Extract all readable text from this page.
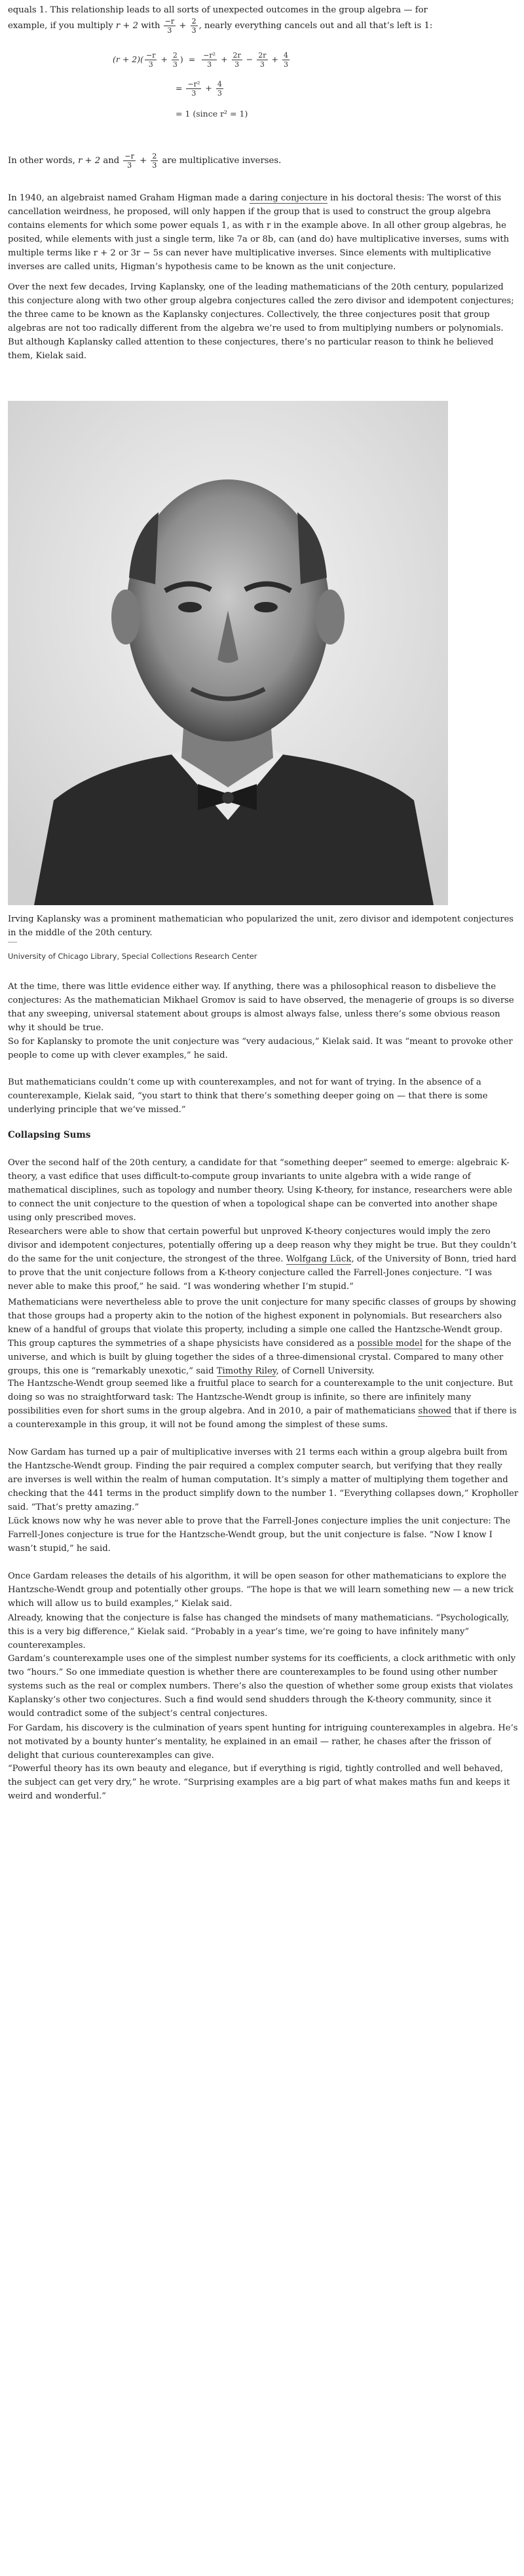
equals 1. This relationship leads to all sorts of unexpected outcomes in the group algebra — for

example, if you multiply r + 2 with $\frac{-r}{3} + \frac{2}{3}$ , nearly everything cancels out and all that’s left is 1:

$(r + 2)( \frac{-r}{3} + \frac{2}{3}$ ) = $\frac{\text{−r²}}{3} + \frac{2r}{3} - \frac{2r}{3} + \frac{4}{3}$
= $\frac{\text{−r²}}{3} + \frac{4}{3}$
= 1 (since r² = 1)

In other words, r + 2 and $\frac{-r}{3} + \frac{2}{3}$ are multiplicative inverses.

In 1940, an algebraist named Graham Higman made a daring conjecture in his doctoral thesis: The worst of this cancellation weirdness, he proposed, will only happen if the group that is used to construct the group algebra contains elements for which some power equals 1, as with r in the example above. In all other group algebras, he posited, while elements with just a single term, like 7a or 8b, can (and do) have multiplicative inverses, sums with multiple terms like r + 2 or 3r − 5s can never have multiplicative inverses. Since elements with multiplicative inverses are called units, Higman’s hypothesis came to be known as the unit conjecture.

Over the next few decades, Irving Kaplansky, one of the leading mathematicians of the 20th century, popularized this conjecture along with two other group algebra conjectures called the zero divisor and idempotent conjectures; the three came to be known as the Kaplansky conjectures. Collectively, the three conjectures posit that group algebras are not too radically different from the algebra we’re used to from multiplying numbers or polynomials. But although Kaplansky called attention to these conjectures, there’s no particular reason to think he believed them, Kielak said.

Irving Kaplansky was a prominent mathematician who popularized the unit, zero divisor and idempotent conjectures in the middle of the 20th century.

University of Chicago Library, Special Collections Research Center

At the time, there was little evidence either way. If anything, there was a philosophical reason to disbelieve the conjectures: As the mathematician Mikhael Gromov is said to have observed, the menagerie of groups is so diverse that any sweeping, universal statement about groups is almost always false, unless there’s some obvious reason why it should be true.

So for Kaplansky to promote the unit conjecture was “very audacious,” Kielak said. It was “meant to provoke other people to come up with clever examples,” he said.

But mathematicians couldn’t come up with counterexamples, and not for want of trying. In the absence of a counterexample, Kielak said, “you start to think that there’s something deeper going on — that there is some underlying principle that we’ve missed.”

Collapsing Sums

Over the second half of the 20th century, a candidate for that “something deeper” seemed to emerge: algebraic K-theory, a vast edifice that uses difficult-to-compute group invariants to unite algebra with a wide range of mathematical disciplines, such as topology and number theory. Using K-theory, for instance, researchers were able to connect the unit conjecture to the question of when a topological shape can be converted into another shape using only prescribed moves.

Researchers were able to show that certain powerful but unproved K-theory conjectures would imply the zero divisor and idempotent conjectures, potentially offering up a deep reason why they might be true. But they couldn’t do the same for the unit conjecture, the strongest of the three. Wolfgang Lück, of the University of Bonn, tried hard to prove that the unit conjecture follows from a K-theory conjecture called the Farrell-Jones conjecture. “I was never able to make this proof,” he said. “I was wondering whether I’m stupid.”

Mathematicians were nevertheless able to prove the unit conjecture for many specific classes of groups by showing that those groups had a property akin to the notion of the highest exponent in polynomials. But researchers also knew of a handful of groups that violate this property, including a simple one called the Hantzsche-Wendt group. This group captures the symmetries of a shape physicists have considered as a possible model for the shape of the universe, and which is built by gluing together the sides of a three-dimensional crystal. Compared to many other groups, this one is “remarkably unexotic,” said Timothy Riley, of Cornell University.

The Hantzsche-Wendt group seemed like a fruitful place to search for a counterexample to the unit conjecture. But doing so was no straightforward task: The Hantzsche-Wendt group is infinite, so there are infinitely many possibilities even for short sums in the group algebra. And in 2010, a pair of mathematicians showed that if there is a counterexample in this group, it will not be found among the simplest of these sums.

Now Gardam has turned up a pair of multiplicative inverses with 21 terms each within a group algebra built from the Hantzsche-Wendt group. Finding the pair required a complex computer search, but verifying that they really are inverses is well within the realm of human computation. It’s simply a matter of multiplying them together and checking that the 441 terms in the product simplify down to the number 1. “Everything collapses down,” Kropholler said. “That’s pretty amazing.”

Lück knows now why he was never able to prove that the Farrell-Jones conjecture implies the unit conjecture: The Farrell-Jones conjecture is true for the Hantzsche-Wendt group, but the unit conjecture is false. “Now I know I wasn’t stupid,” he said.

Once Gardam releases the details of his algorithm, it will be open season for other mathematicians to explore the Hantzsche-Wendt group and potentially other groups. “The hope is that we will learn something new — a new trick which will allow us to build examples,” Kielak said.

Already, knowing that the conjecture is false has changed the mindsets of many mathematicians. “Psychologically, this is a very big difference,” Kielak said. “Probably in a year’s time, we’re going to have infinitely many” counterexamples.

Gardam’s counterexample uses one of the simplest number systems for its coefficients, a clock arithmetic with only two “hours.” So one immediate question is whether there are counterexamples to be found using other number systems such as the real or complex numbers. There’s also the question of whether some group exists that violates Kaplansky’s other two conjectures. Such a find would send shudders through the K-theory community, since it would contradict some of the subject’s central conjectures.

For Gardam, his discovery is the culmination of years spent hunting for intriguing counterexamples in algebra. He’s not motivated by a bounty hunter’s mentality, he explained in an email — rather, he chases after the frisson of delight that curious counterexamples can give.

“Powerful theory has its own beauty and elegance, but if everything is rigid, tightly controlled and well behaved, the subject can get very dry,” he wrote. “Surprising examples are a big part of what makes maths fun and keeps it weird and wonderful.”
